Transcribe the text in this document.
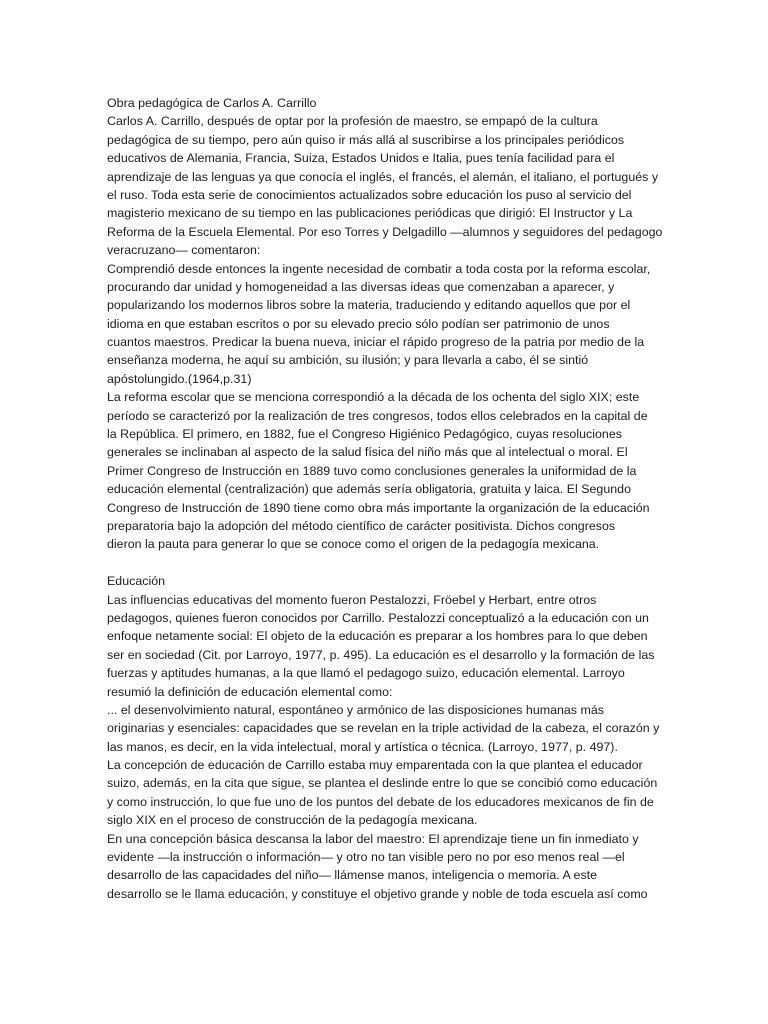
Obra pedagógica de Carlos A. Carrillo
Carlos A. Carrillo, después de optar por la profesión de maestro, se empapó de la cultura
pedagógica de su tiempo, pero aún quiso ir más allá al suscribirse a los principales periódicos
educativos de Alemania, Francia, Suiza, Estados Unidos e Italia, pues tenía facilidad para el
aprendizaje de las lenguas ya que conocía el inglés, el francés, el alemán, el italiano, el portugués y
el ruso. Toda esta serie de conocimientos actualizados sobre educación los puso al servicio del
magisterio mexicano de su tiempo en las publicaciones periódicas que dirigió: El Instructor y La
Reforma de la Escuela Elemental. Por eso Torres y Delgadillo —alumnos y seguidores del pedagogo
veracruzano— comentaron:
Comprendió desde entonces la ingente necesidad de combatir a toda costa por la reforma escolar,
procurando dar unidad y homogeneidad a las diversas ideas que comenzaban a aparecer, y
popularizando los modernos libros sobre la materia, traduciendo y editando aquellos que por el
idioma en que estaban escritos o por su elevado precio sólo podían ser patrimonio de unos
cuantos maestros. Predicar la buena nueva, iniciar el rápido progreso de la patria por medio de la
enseñanza moderna, he aquí su ambición, su ilusión; y para llevarla a cabo, él se sintió
apóstolungido.(1964,p.31)
La reforma escolar que se menciona correspondió a la década de los ochenta del siglo XIX; este
período se caracterizó por la realización de tres congresos, todos ellos celebrados en la capital de
la República. El primero, en 1882, fue el Congreso Higiénico Pedagógico, cuyas resoluciones
generales se inclinaban al aspecto de la salud física del niño más que al intelectual o moral. El
Primer Congreso de Instrucción en 1889 tuvo como conclusiones generales la uniformidad de la
educación elemental (centralización) que además sería obligatoria, gratuita y laica. El Segundo
Congreso de Instrucción de 1890 tiene como obra más importante la organización de la educación
preparatoria bajo la adopción del método científico de carácter positivista. Dichos congresos
dieron la pauta para generar lo que se conoce como el origen de la pedagogía mexicana.
Educación
Las influencias educativas del momento fueron Pestalozzi, Fröebel y Herbart, entre otros
pedagogos, quienes fueron conocidos por Carrillo. Pestalozzi conceptualizó a la educación con un
enfoque netamente social: El objeto de la educación es preparar a los hombres para lo que deben
ser en sociedad (Cit. por Larroyo, 1977, p. 495). La educación es el desarrollo y la formación de las
fuerzas y aptitudes humanas, a la que llamó el pedagogo suizo, educación elemental. Larroyo
resumió la definición de educación elemental como:
... el desenvolvimiento natural, espontáneo y armónico de las disposiciones humanas más
originarias y esenciales: capacidades que se revelan en la triple actividad de la cabeza, el corazón y
las manos, es decir, en la vida intelectual, moral y artística o técnica. (Larroyo, 1977, p. 497).
La concepción de educación de Carrillo estaba muy emparentada con la que plantea el educador
suizo, además, en la cita que sigue, se plantea el deslinde entre lo que se concibió como educación
y como instrucción, lo que fue uno de los puntos del debate de los educadores mexicanos de fin de
siglo XIX en el proceso de construcción de la pedagogía mexicana.
En una concepción básica descansa la labor del maestro: El aprendizaje tiene un fin inmediato y
evidente —la instrucción o información— y otro no tan visible pero no por eso menos real —el
desarrollo de las capacidades del niño— llámense manos, inteligencia o memoria. A este
desarrollo se le llama educación, y constituye el objetivo grande y noble de toda escuela así como
